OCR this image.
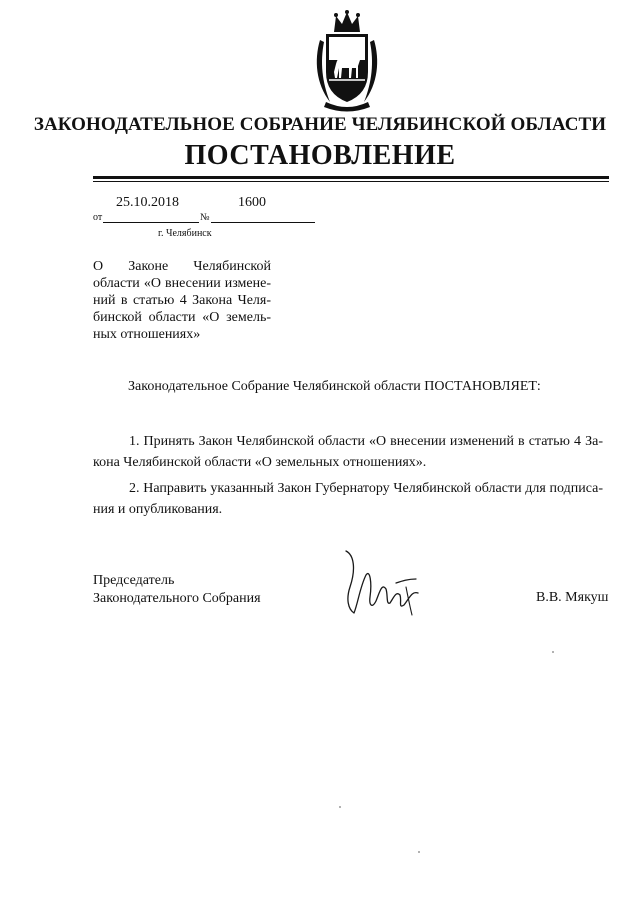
ЗАКОНОДАТЕЛЬНОЕ СОБРАНИЕ ЧЕЛЯБИНСКОЙ ОБЛАСТИ
ПОСТАНОВЛЕНИЕ
25.10.2018	1600
от	№
г. Челябинск
О Законе Челябинской
области «О внесении измене-
ний в статью 4 Закона Челя-
бинской области «О земель-
ных отношениях»
Законодательное Собрание Челябинской области ПОСТАНОВЛЯЕТ:
1. Принять Закон Челябинской области «О внесении изменений в статью 4 За-
кона Челябинской области «О земельных отношениях».
2. Направить указанный Закон Губернатору Челябинской области для подписа-
ния и опубликования.
Председатель
Законодательного Собрания	В.В. Мякуш
